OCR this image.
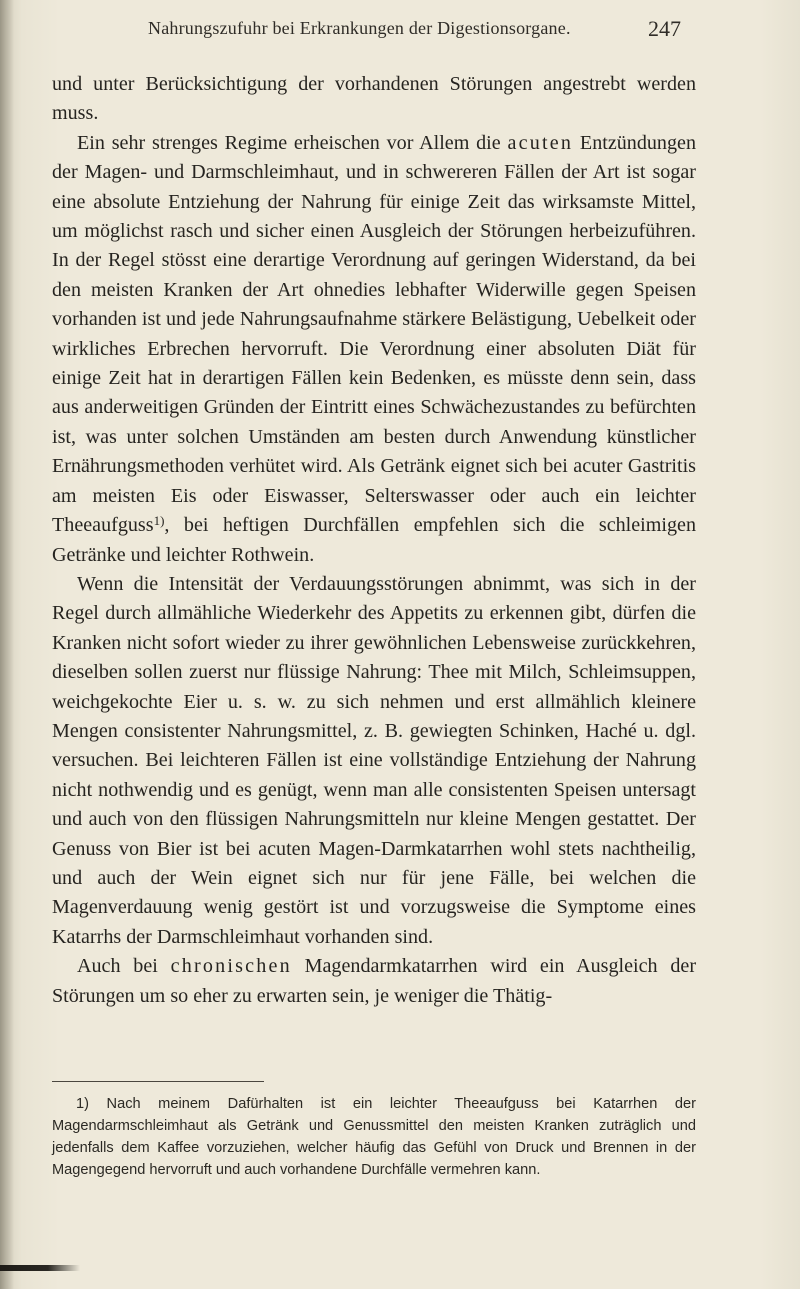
Nahrungszufuhr bei Erkrankungen der Digestionsorgane.	247

und unter Berücksichtigung der vorhandenen Störungen angestrebt werden muss.

Ein sehr strenges Regime erheischen vor Allem die acuten Entzündungen der Magen- und Darmschleimhaut, und in schwereren Fällen der Art ist sogar eine absolute Entziehung der Nahrung für einige Zeit das wirksamste Mittel, um möglichst rasch und sicher einen Ausgleich der Störungen herbeizuführen. In der Regel stösst eine derartige Verordnung auf geringen Widerstand, da bei den meisten Kranken der Art ohnedies lebhafter Widerwille gegen Speisen vorhanden ist und jede Nahrungsaufnahme stärkere Belästigung, Uebelkeit oder wirkliches Erbrechen hervorruft. Die Verordnung einer absoluten Diät für einige Zeit hat in derartigen Fällen kein Bedenken, es müsste denn sein, dass aus anderweitigen Gründen der Eintritt eines Schwächezustandes zu befürchten ist, was unter solchen Umständen am besten durch Anwendung künstlicher Ernährungsmethoden verhütet wird. Als Getränk eignet sich bei acuter Gastritis am meisten Eis oder Eiswasser, Selterswasser oder auch ein leichter Theeaufguss$^{1)}$, bei heftigen Durchfällen empfehlen sich die schleimigen Getränke und leichter Rothwein.

Wenn die Intensität der Verdauungsstörungen abnimmt, was sich in der Regel durch allmähliche Wiederkehr des Appetits zu erkennen gibt, dürfen die Kranken nicht sofort wieder zu ihrer gewöhnlichen Lebensweise zurückkehren, dieselben sollen zuerst nur flüssige Nahrung: Thee mit Milch, Schleimsuppen, weichgekochte Eier u. s. w. zu sich nehmen und erst allmählich kleinere Mengen consistenter Nahrungsmittel, z. B. gewiegten Schinken, Haché u. dgl. versuchen. Bei leichteren Fällen ist eine vollständige Entziehung der Nahrung nicht nothwendig und es genügt, wenn man alle consistenten Speisen untersagt und auch von den flüssigen Nahrungsmitteln nur kleine Mengen gestattet. Der Genuss von Bier ist bei acuten Magen-Darmkatarrhen wohl stets nachtheilig, und auch der Wein eignet sich nur für jene Fälle, bei welchen die Magenverdauung wenig gestört ist und vorzugsweise die Symptome eines Katarrhs der Darmschleimhaut vorhanden sind.

Auch bei chronischen Magendarmkatarrhen wird ein Ausgleich der Störungen um so eher zu erwarten sein, je weniger die Thätig-

1) Nach meinem Dafürhalten ist ein leichter Theeaufguss bei Katarrhen der Magendarmschleimhaut als Getränk und Genussmittel den meisten Kranken zuträglich und jedenfalls dem Kaffee vorzuziehen, welcher häufig das Gefühl von Druck und Brennen in der Magengegend hervorruft und auch vorhandene Durchfälle vermehren kann.
